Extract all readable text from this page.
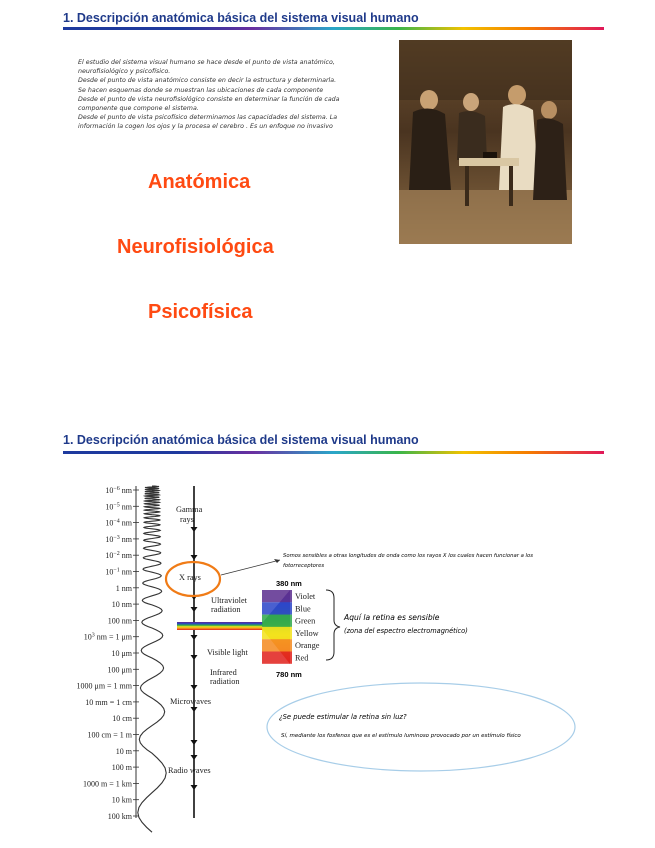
1. Descripción anatómica básica del sistema visual humano
El estudio del sistema visual humano se hace desde el punto de vista anatómico,
neurofisiológico y psicofísico.
Desde el punto de vista anatómico consiste en decir la estructura y determinarla.
Se hacen esquemas donde se muestran las ubicaciones de cada componente
Desde el punto de vista neurofisiológico consiste en determinar la función de cada
componente que compone el sistema.
Desde el punto de vista psicofísico determinamos las capacidades del sistema. La
información la cogen los ojos y la procesa el cerebro . Es un enfoque no invasivo
Anatómica
Neurofisiológica
Psicofísica
1. Descripción anatómica básica del sistema visual humano
$10^{-6}$ nm
$10^{-5}$ nm
$10^{-4}$ nm
$10^{-3}$ nm
$10^{-2}$ nm
$10^{-1}$ nm
1 nm
10 nm
100 nm
$10^3$ nm = 1 μm
10 μm
100 μm
1000 μm = 1 mm
10 mm = 1 cm
10 cm
100 cm = 1 m
10 m
100 m
1000 m = 1 km
10 km
100 km
Gamma
rays
X rays
Ultraviolet
radiation
Visible light
Infrared
radiation
Microwaves
Radio waves
Somos sensibles a otras longitudes de onda como los rayos X los cuales hacen funcionar a los
fotorreceptores
Violet
Blue
Green
Yellow
Orange
Red
380 nm
780 nm
Aquí la retina es sensible
(zona del espectro electromagnético)
¿Se puede estimular la retina sin luz?
Sí, mediante los fosfenos que es el estímulo luminoso provocado por un estímulo físico
